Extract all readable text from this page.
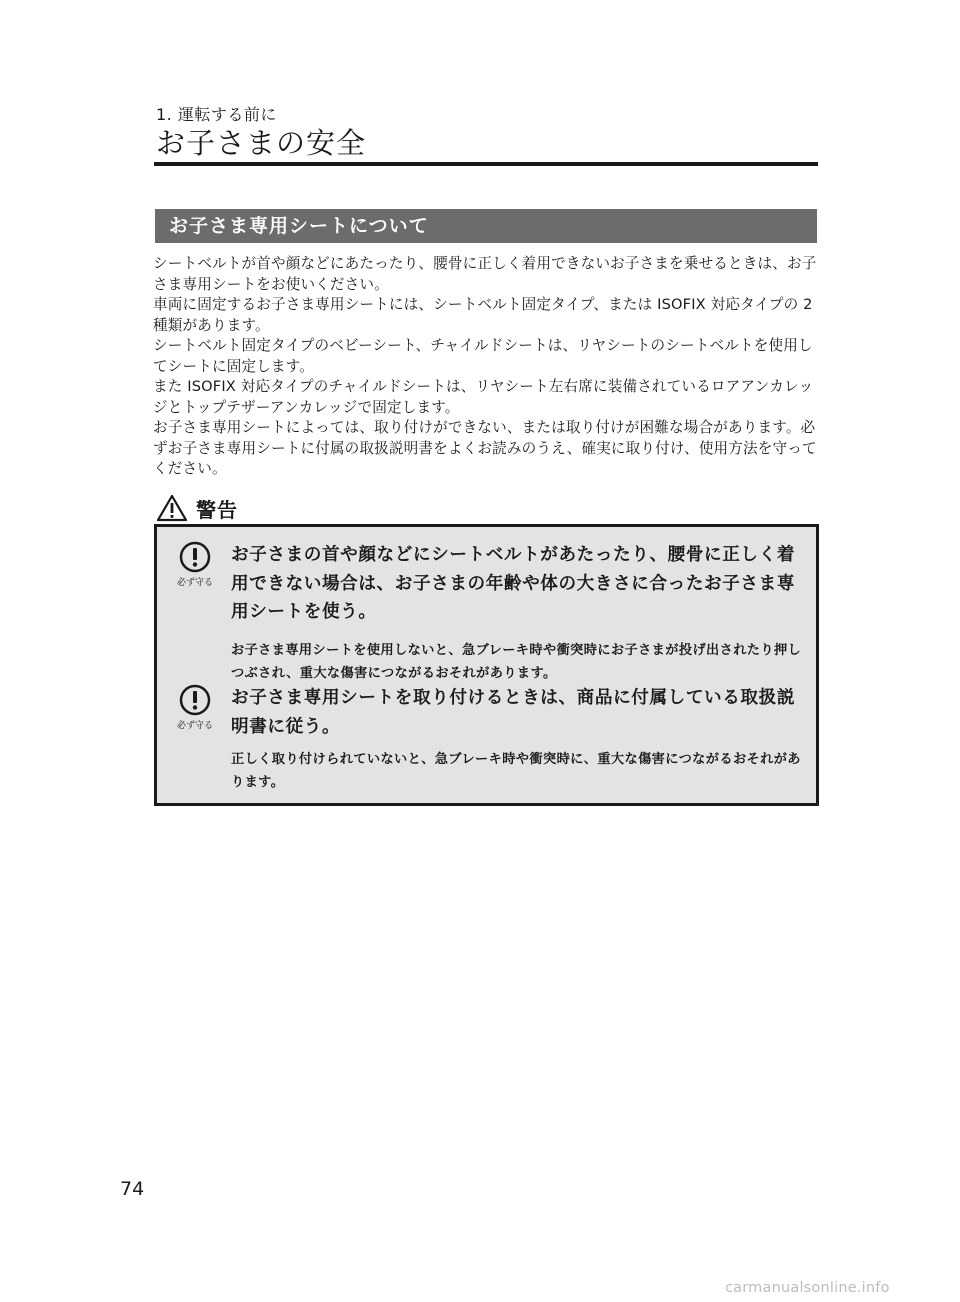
1. 運転する前に
お子さまの安全
お子さま専用シートについて

シートベルトが首や顔などにあたったり、腰骨に正しく着用できないお子さまを乗せるときは、お子さま専用シートをお使いください。

車両に固定するお子さま専用シートには、シートベルト固定タイプ、または ISOFIX 対応タイプの 2 種類があります。

シートベルト固定タイプのベビーシート、チャイルドシートは、リヤシートのシートベルトを使用してシートに固定します。

また ISOFIX 対応タイプのチャイルドシートは、リヤシート左右席に装備されているロアアンカレッジとトップテザーアンカレッジで固定します。

お子さま専用シートによっては、取り付けができない、または取り付けが困難な場合があります。必ずお子さま専用シートに付属の取扱説明書をよくお読みのうえ、確実に取り付け、使用方法を守ってください。

警告
必ず守る
お子さまの首や顔などにシートベルトがあたったり、腰骨に正しく着用できない場合は、お子さまの年齢や体の大きさに合ったお子さま専用シートを使う。
お子さま専用シートを使用しないと、急ブレーキ時や衝突時にお子さまが投げ出されたり押しつぶされ、重大な傷害につながるおそれがあります。
必ず守る
お子さま専用シートを取り付けるときは、商品に付属している取扱説明書に従う。
正しく取り付けられていないと、急ブレーキ時や衝突時に、重大な傷害につながるおそれがあります。
74
carmanualsonline.info
